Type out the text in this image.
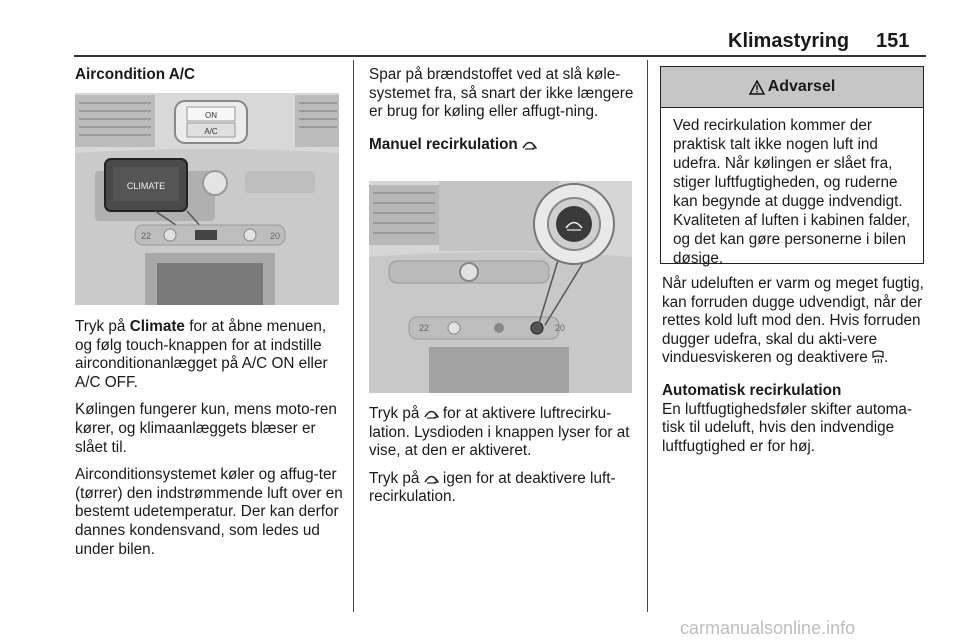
Klimastyring 151
Aircondition A/C
ON
A/C
CLIMATE
22	20

Tryk på Climate for at åbne menuen, og følg touch-knappen for at indstille airconditionanlægget på A/C ON eller A/C OFF.

Kølingen fungerer kun, mens moto-ren kører, og klimaanlæggets blæser er slået til.

Airconditionsystemet køler og affug-ter (tørrer) den indstrømmende luft over en bestemt udetemperatur. Der kan derfor dannes kondensvand, som ledes ud under bilen.

Spar på brændstoffet ved at slå køle-systemet fra, så snart der ikke længere er brug for køling eller affugt-ning.

Manuel recirkulation
22	20

Tryk på  for at aktivere luftrecirku-lation. Lysdioden i knappen lyser for at vise, at den er aktiveret.

Tryk på  igen for at deaktivere luft-recirkulation.

Advarsel
Ved recirkulation kommer der praktisk talt ikke nogen luft ind udefra. Når kølingen er slået fra, stiger luftfugtigheden, og ruderne kan begynde at dugge indvendigt. Kvaliteten af luften i kabinen falder, og det kan gøre personerne i bilen døsige.

Når udeluften er varm og meget fugtig, kan forruden dugge udvendigt, når der rettes kold luft mod den. Hvis forruden dugger udefra, skal du akti-vere vinduesviskeren og deaktivere .

Automatisk recirkulation

En luftfugtighedsføler skifter automa-tisk til udeluft, hvis den indvendige luftfugtighed er for høj.

carmanualsonline.info
